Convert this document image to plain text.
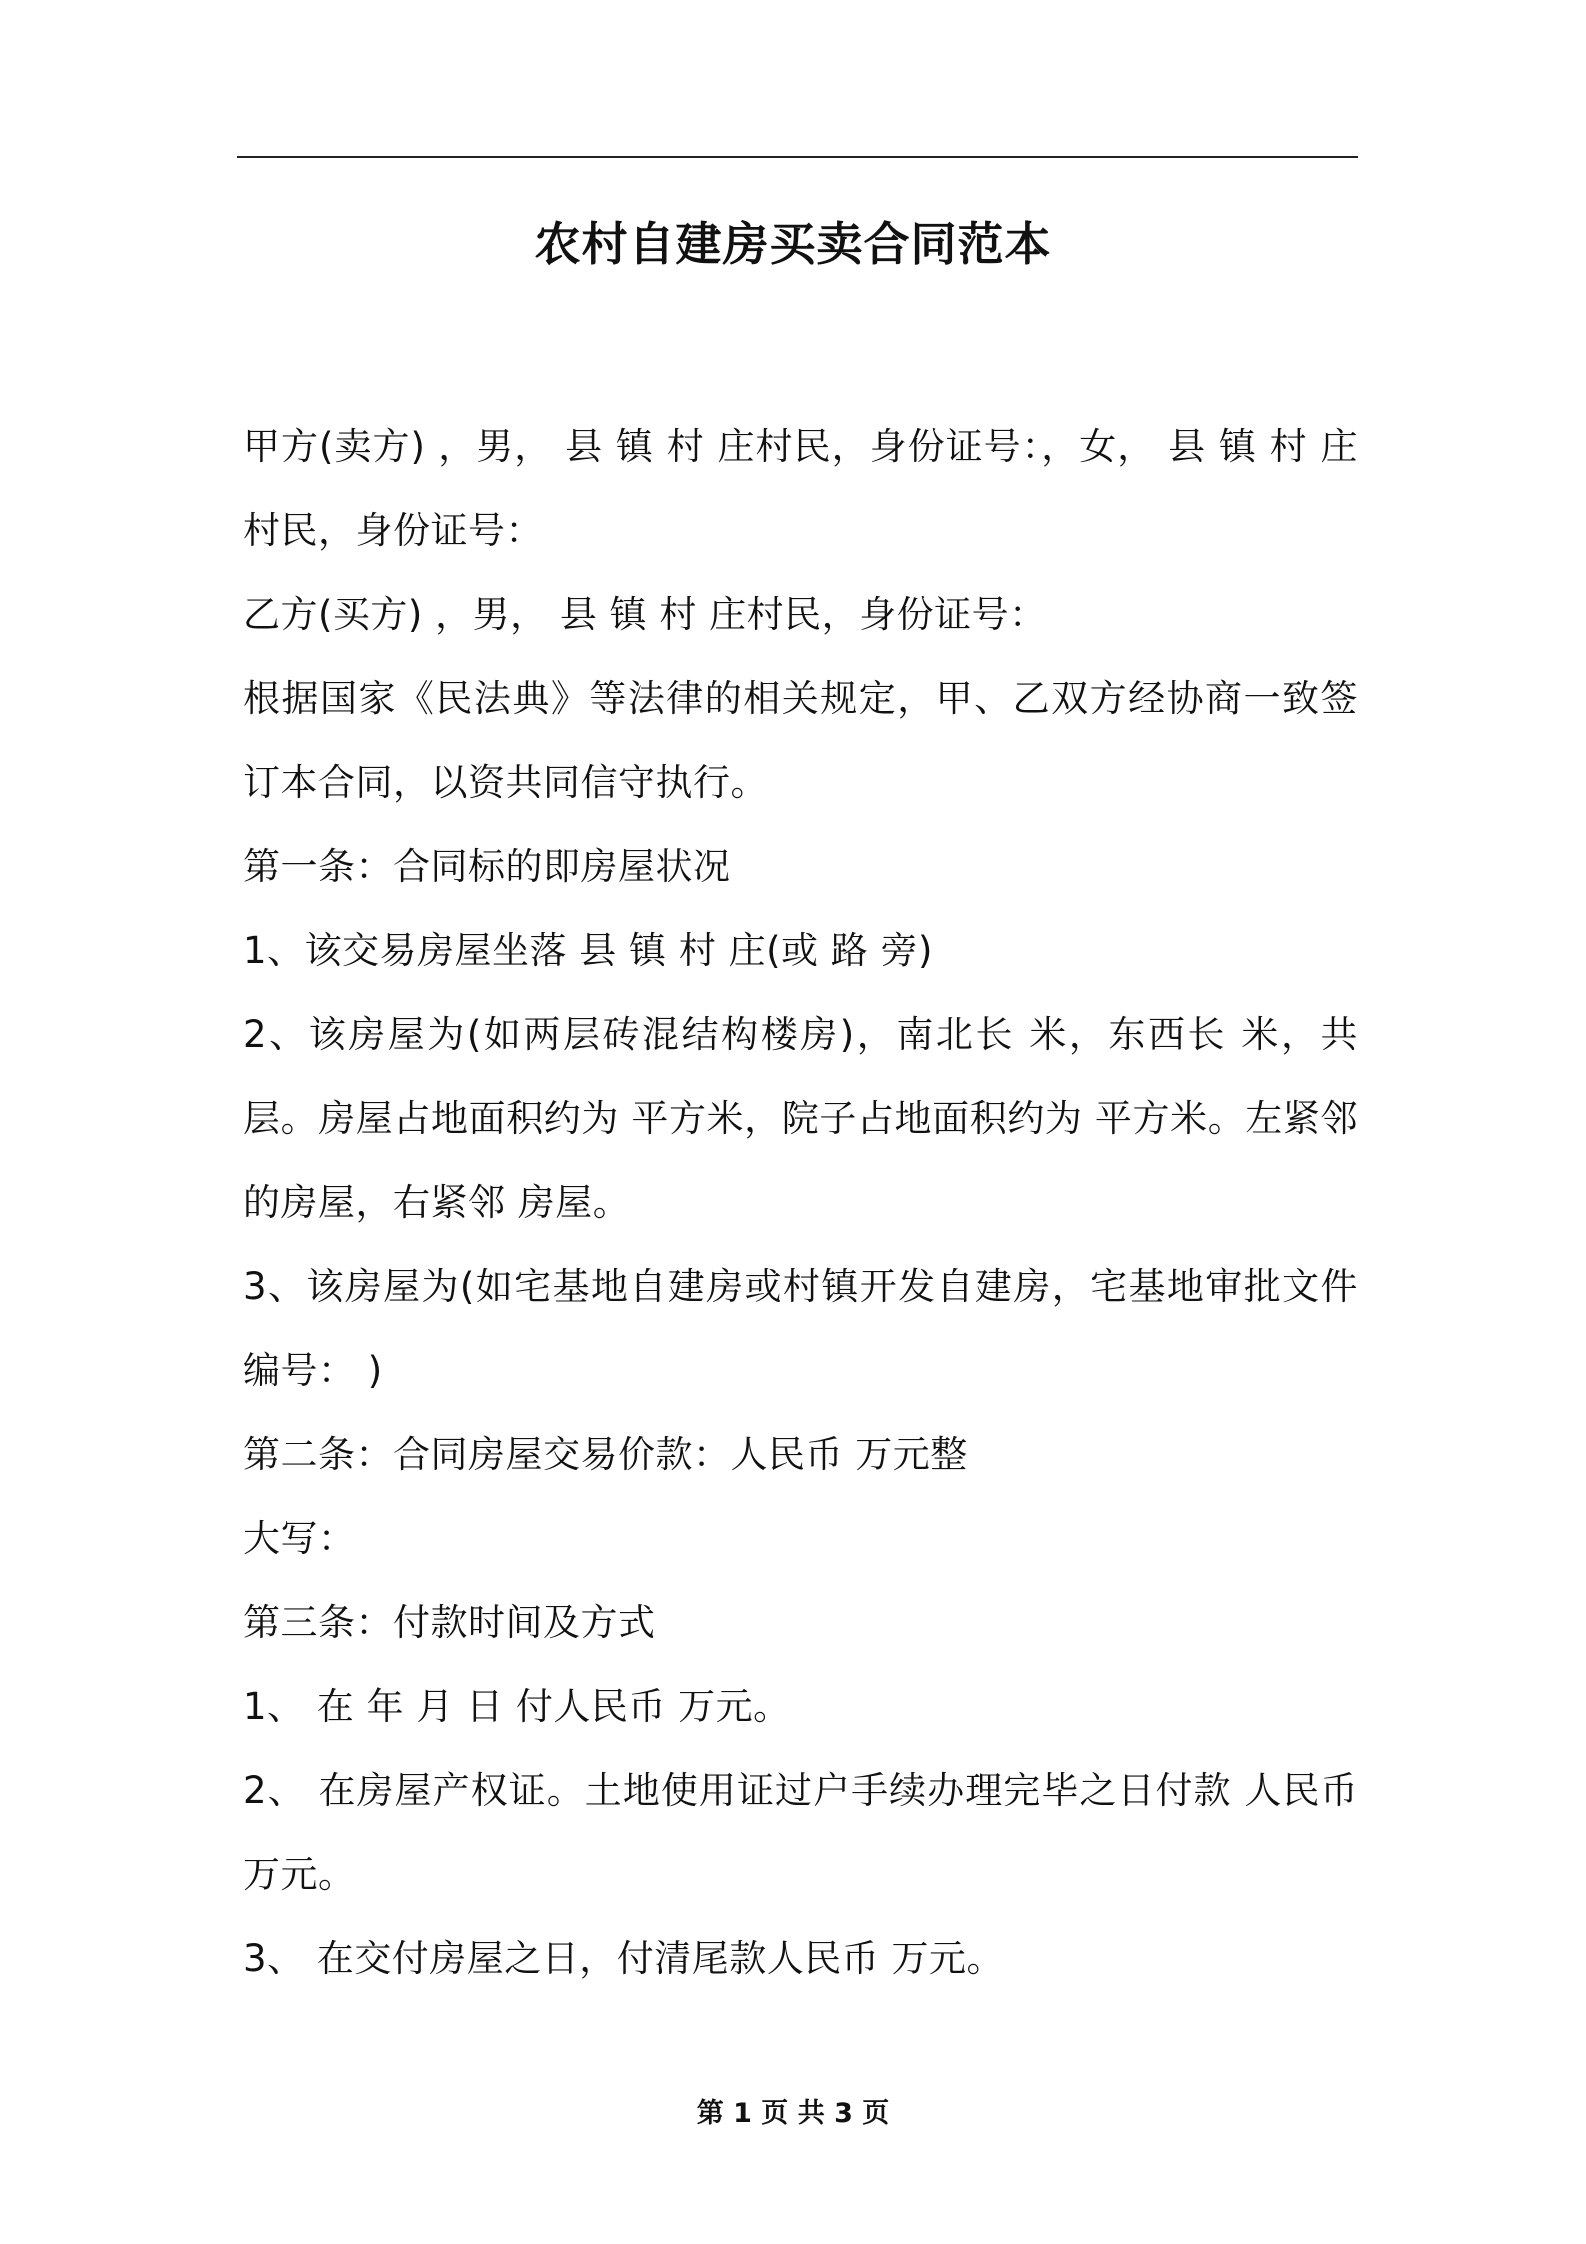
农村自建房买卖合同范本

甲方(卖方) ，男， 县 镇 村 庄村民，身份证号：，女， 县 镇 村 庄村民，身份证号：

乙方(买方) ，男， 县 镇 村 庄村民，身份证号：

根据国家《民法典》等法律的相关规定，甲、乙双方经协商一致签订本合同，以资共同信守执行。

第一条：合同标的即房屋状况

1、该交易房屋坐落 县 镇 村 庄(或 路 旁)

2、该房屋为(如两层砖混结构楼房)，南北长 米，东西长 米，共 层。房屋占地面积约为 平方米，院子占地面积约为 平方米。左紧邻 的房屋，右紧邻 房屋。

3、该房屋为(如宅基地自建房或村镇开发自建房，宅基地审批文件编号： )

第二条：合同房屋交易价款：人民币 万元整

大写：

第三条：付款时间及方式

1、 在 年 月 日 付人民币 万元。

2、 在房屋产权证。土地使用证过户手续办理完毕之日付款 人民币 万元。

3、 在交付房屋之日，付清尾款人民币 万元。

第 1 页 共 3 页
